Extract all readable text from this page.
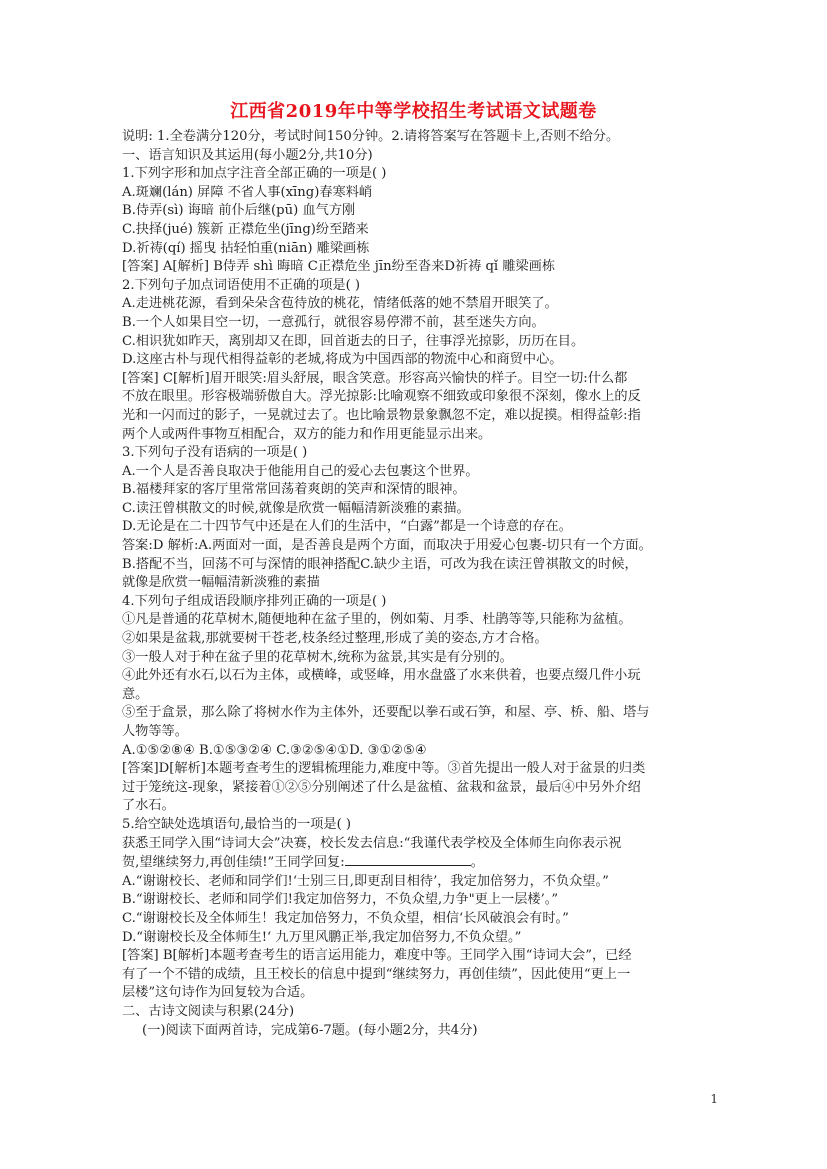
江西省2019年中等学校招生考试语文试题卷

说明: 1.全卷满分120分，考试时间150分钟。2.请将答案写在答题卡上,否则不给分。

一、语言知识及其运用(每小题2分,共10分)

1.下列字形和加点字注音全部正确的一项是( )

A.斑斓(lán) 屏障 不省人事(xīng)春寒料峭

B.侍弄(sì) 诲暗 前仆后继(pū) 血气方刚

C.抉择(jué) 簇新 正襟危坐(jīng)纷至踏来

D.祈祷(qí) 摇曳 拈轻怕重(niān) 雕梁画栋

[答案] A[解析] B侍弄 shì 晦暗 C正襟危坐 jīn纷至沓来D祈祷 qǐ 雕梁画栋

2.下列句子加点词语使用不正确的项是( )

A.走进桃花源，看到朵朵含苞待放的桃花，情绪低落的她不禁眉开眼笑了。

B.一个人如果目空一切，一意孤行，就很容易停滞不前，甚至迷失方向。

C.相识犹如昨天，离别却又在即，回首逝去的日子，往事浮光掠影，历历在目。

D.这座古朴与现代相得益彰的老城,将成为中国西部的物流中心和商贸中心。

[答案] C[解析]眉开眼笑:眉头舒展，眼含笑意。形容高兴愉快的样子。目空一切:什么都

不放在眼里。形容极端骄傲自大。浮光掠影:比喻观察不细致或印象很不深刻，像水上的反

光和一闪而过的影子，一晃就过去了。也比喻景物景象飘忽不定，难以捉摸。相得益彰:指

两个人或两件事物互相配合，双方的能力和作用更能显示出来。

3.下列句子没有语病的一项是( )

A.一个人是否善良取决于他能用自己的爱心去包裹这个世界。

B.福楼拜家的客厅里常常回荡着爽朗的笑声和深情的眼神。

C.读汪曾棋散文的时候,就像是欣赏一幅幅清新淡雅的素描。

D.无论是在二十四节气中还是在人们的生活中，“白露”都是一个诗意的存在。

答案:D 解析:A.两面对一面，是否善良是两个方面，而取决于用爱心包裹-切只有一个方面。

B.搭配不当，回荡不可与深情的眼神搭配C.缺少主语，可改为我在读汪曾祺散文的时候，

就像是欣赏一幅幅清新淡雅的素描

4.下列句子组成语段顺序排列正确的一项是( )

①凡是普通的花草树木,随便地种在盆子里的，例如菊、月季、杜鹃等等,只能称为盆植。

②如果是盆栽,那就要树干苍老,枝条经过整理,形成了美的姿态,方才合格。

③一般人对于种在盆子里的花草树木,统称为盆景,其实是有分别的。

④此外还有水石,以石为主体，或横峰，或竖峰，用水盘盛了水来供着，也要点缀几件小玩

意。

⑤至于盒景，那么除了将树水作为主体外，还要配以拳石或石笋，和屋、亭、桥、船、塔与

人物等等。

A.①⑤②⑧④ B.①⑤③②④ C.③②⑤④①D. ③①②⑤④

[答案]D[解析]本题考查考生的逻辑梳理能力,难度中等。③首先提出一般人对于盆景的归类

过于笼统这-现象，紧接着①②⑤分别阐述了什么是盆植、盆栽和盆景，最后④中另外介绍

了水石。

5.给空缺处选填语句,最恰当的一项是( )

获悉王同学入围“诗词大会”决赛，校长发去信息:“我谨代表学校及全体师生向你表示祝

贺,望继续努力,再创佳绩!”王同学回复:	。

A.“谢谢校长、老师和同学们!‘士别三日,即更刮目相待’，我定加倍努力，不负众望。”

B.“谢谢校长、老师和同学们!我定加倍努力，不负众望,力争"更上一层楼’。”

C.“谢谢校长及全体师生！我定加倍努力，不负众望，相信‘长风破浪会有时。”

D.“谢谢校长及全体师生!‘ 九万里风鹏正举,我定加倍努力,不负众望。”

[答案] B[解析]本题考查考生的语言运用能力，难度中等。王同学入围“诗词大会”，已经

有了一个不错的成绩，且王校长的信息中提到“继续努力，再创佳绩”，因此使用“更上一

层楼”这句诗作为回复较为合适。

二、古诗文阅读与积累(24分)

(一)阅读下面两首诗，完成第6-7题。(每小题2分，共4分)

1
